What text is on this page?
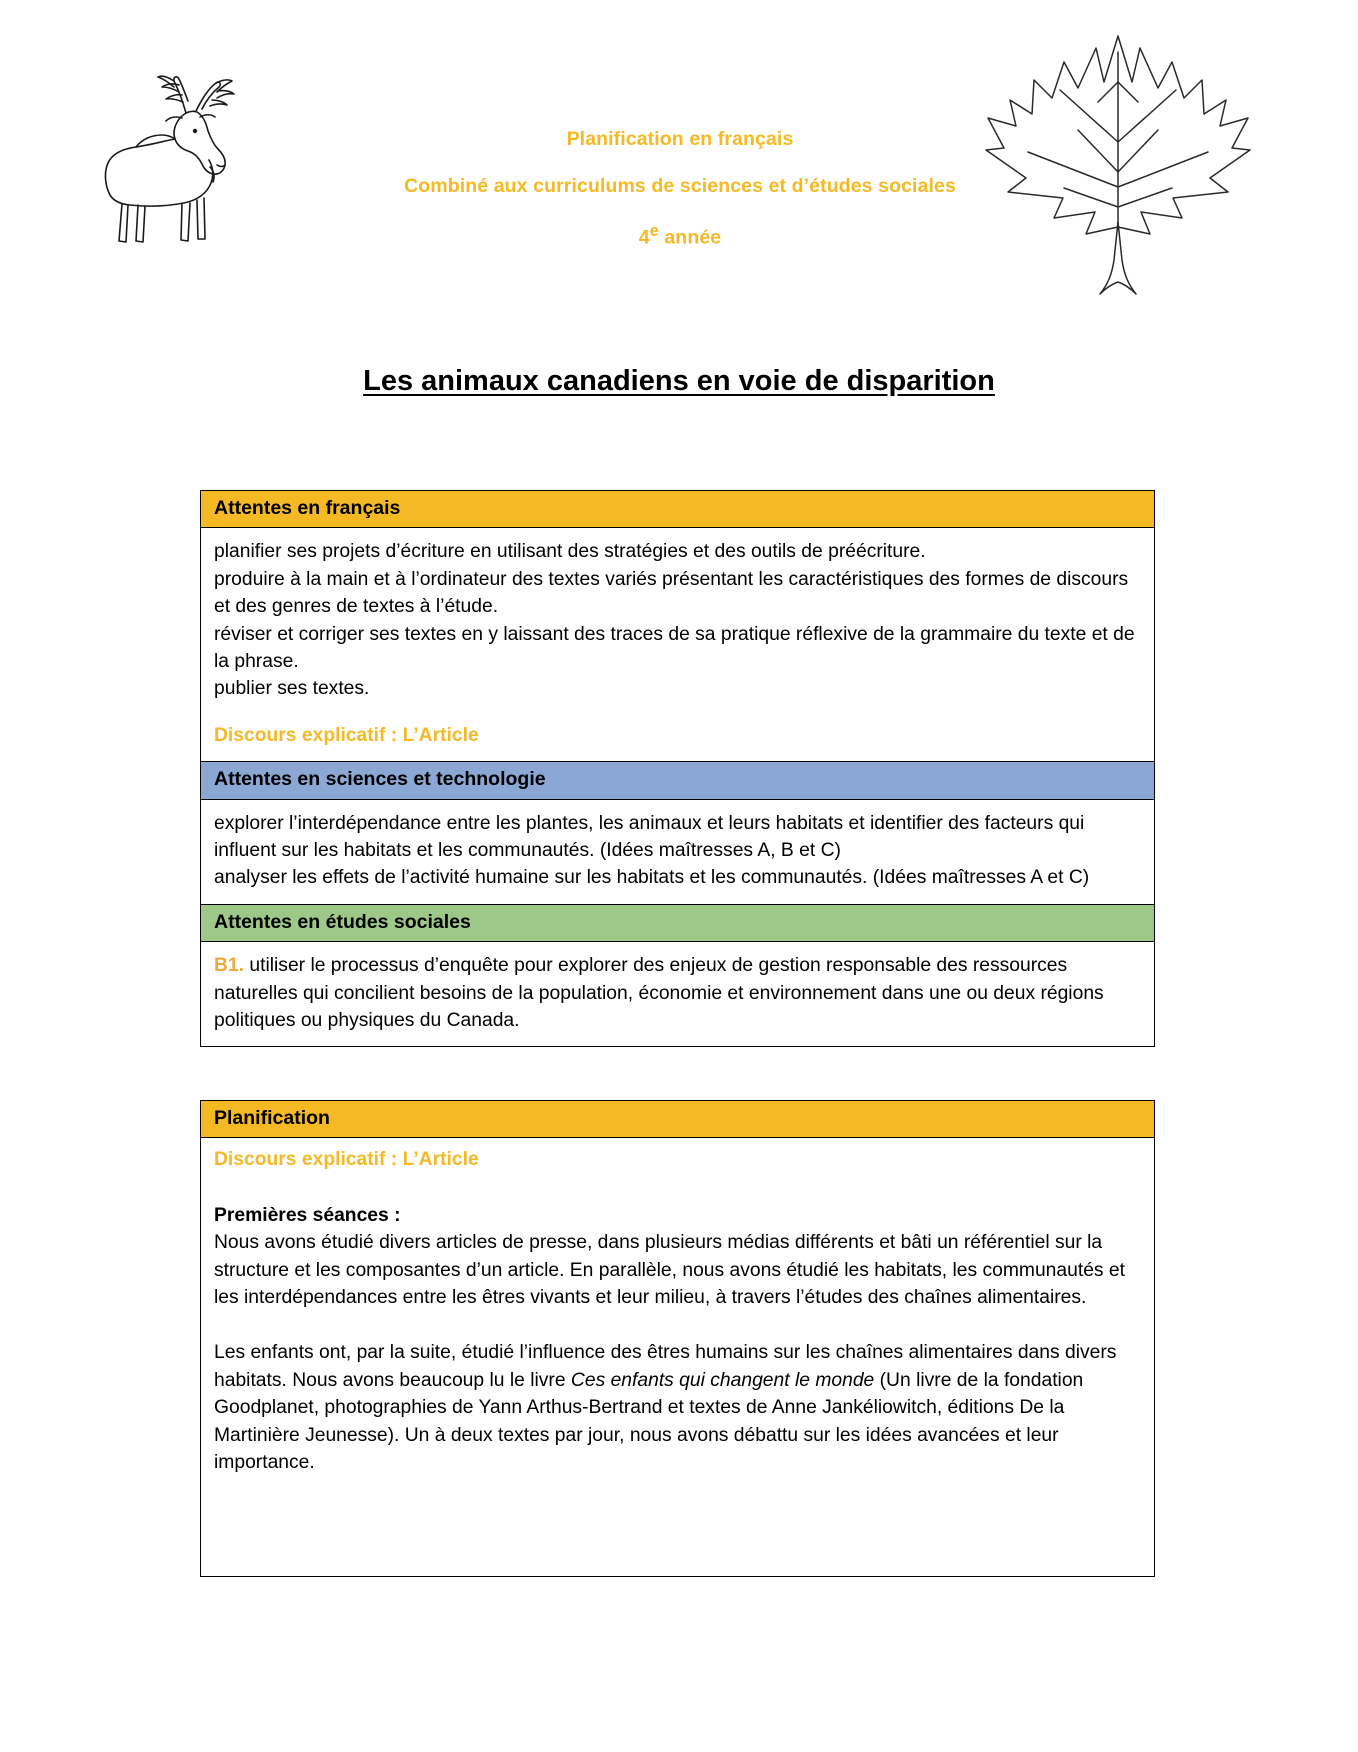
Planification en français
Combiné aux curriculums de sciences et d’études sociales
4e année
Les animaux canadiens en voie de disparition
Attentes en français

planifier ses projets d’écriture en utilisant des stratégies et des outils de préécriture.

produire à la main et à l’ordinateur des textes variés présentant les caractéristiques des formes de discours et des genres de textes à l’étude.

réviser et corriger ses textes en y laissant des traces de sa pratique réflexive de la grammaire du texte et de la phrase.

publier ses textes.

Discours explicatif : L’Article

Attentes en sciences et technologie

explorer l’interdépendance entre les plantes, les animaux et leurs habitats et identifier des facteurs qui influent sur les habitats et les communautés. (Idées maîtresses A, B et C)

analyser les effets de l’activité humaine sur les habitats et les communautés. (Idées maîtresses A et C)

Attentes en études sociales

B1. utiliser le processus d’enquête pour explorer des enjeux de gestion responsable des ressources naturelles qui concilient besoins de la population, économie et environnement dans une ou deux régions politiques ou physiques du Canada.

Planification

Discours explicatif : L’Article
Premières séances :
Nous avons étudié divers articles de presse, dans plusieurs médias différents et bâti un référentiel sur la structure et les composantes d’un article. En parallèle, nous avons étudié les habitats, les communautés et les interdépendances entre les êtres vivants et leur milieu, à travers l’études des chaînes alimentaires.
Les enfants ont, par la suite, étudié l’influence des êtres humains sur les chaînes alimentaires dans divers habitats. Nous avons beaucoup lu le livre Ces enfants qui changent le monde (Un livre de la fondation Goodplanet, photographies de Yann Arthus-Bertrand et textes de Anne Jankéliowitch, éditions De la Martinière Jeunesse). Un à deux textes par jour, nous avons débattu sur les idées avancées et leur importance.
